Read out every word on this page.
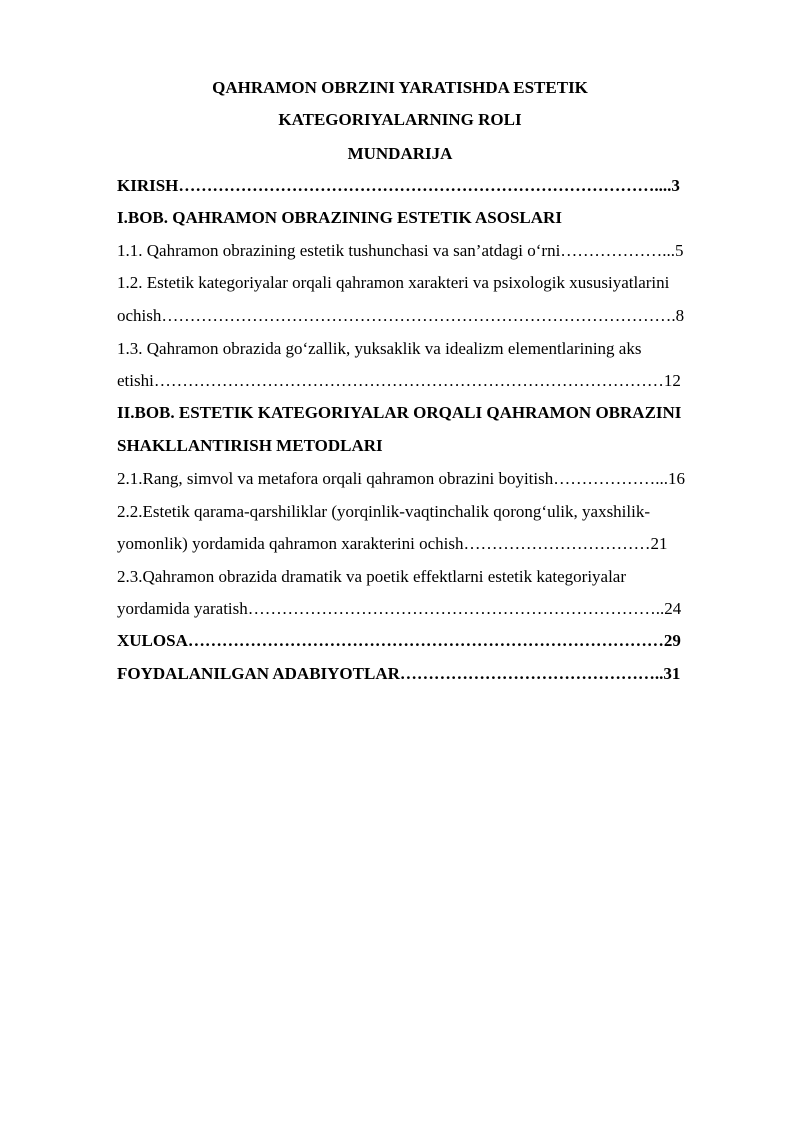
QAHRAMON OBRZINI YARATISHDA ESTETIK
KATEGORIYALARNING ROLI
MUNDARIJA
KIRISH…………………………………………………………………………....3
I.BOB. QAHRAMON OBRAZINING ESTETIK ASOSLARI
1.1. Qahramon obrazining estetik tushunchasi va san’atdagi o‘rni………………...5
1.2. Estetik kategoriyalar orqali qahramon xarakteri va psixologik xususiyatlarini
ochish……………………………………………………………………………….8
1.3. Qahramon obrazida go‘zallik, yuksaklik va idealizm elementlarining aks
etishi………………………………………………………………………………12
II.BOB. ESTETIK KATEGORIYALAR ORQALI QAHRAMON OBRAZINI
SHAKLLANTIRISH METODLARI
2.1.Rang, simvol va metafora orqali qahramon obrazini boyitish………………...16
2.2.Estetik qarama-qarshiliklar (yorqinlik-vaqtinchalik qorong‘ulik, yaxshilik-
yomonlik) yordamida qahramon xarakterini ochish……………………………21
2.3.Qahramon obrazida dramatik va poetik effektlarni estetik kategoriyalar
yordamida yaratish………………………………………………………………..24
XULOSA…………………………………………………………………………29
FOYDALANILGAN ADABIYOTLAR………………………………………..31
